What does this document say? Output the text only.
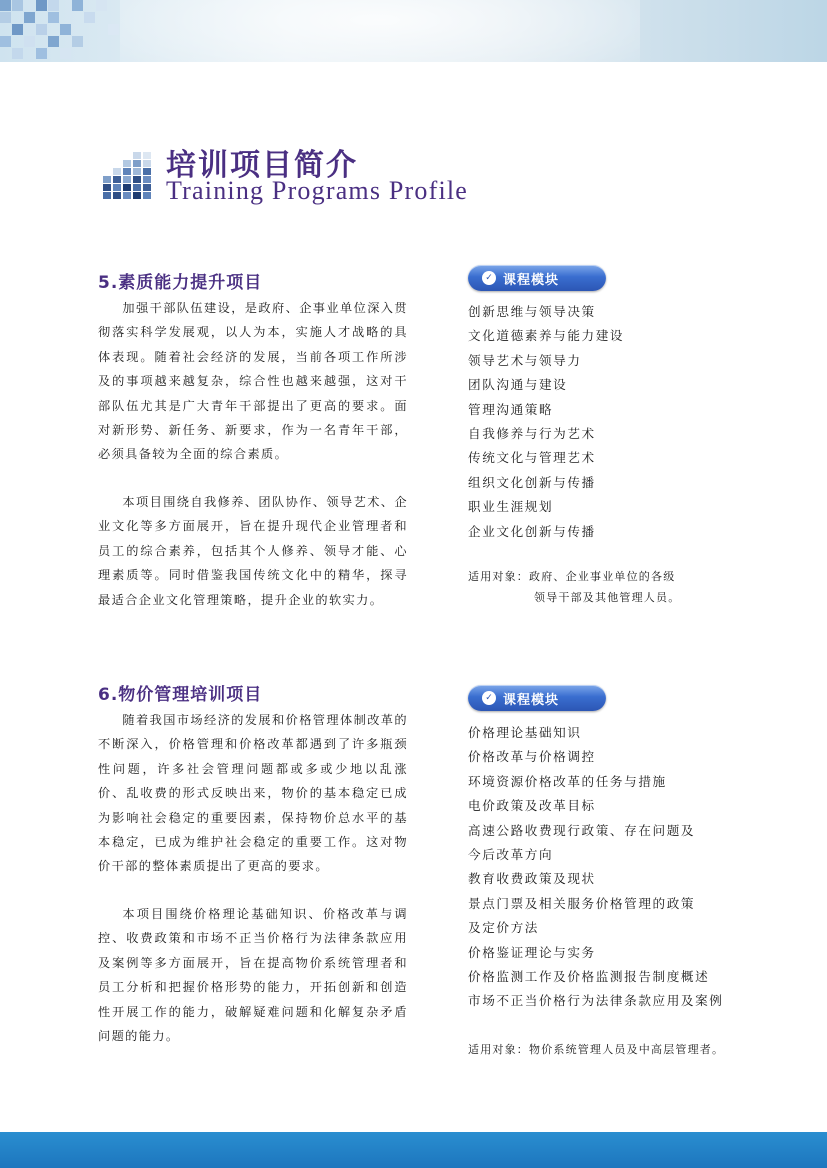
培训项目简介
Training Programs Profile
5.素质能力提升项目

加强干部队伍建设，是政府、企事业单位深入贯彻落实科学发展观，以人为本，实施人才战略的具体表现。随着社会经济的发展，当前各项工作所涉及的事项越来越复杂，综合性也越来越强，这对干部队伍尤其是广大青年干部提出了更高的要求。面对新形势、新任务、新要求，作为一名青年干部，必须具备较为全面的综合素质。

本项目围绕自我修养、团队协作、领导艺术、企业文化等多方面展开，旨在提升现代企业管理者和员工的综合素养，包括其个人修养、领导才能、心理素质等。同时借鉴我国传统文化中的精华，探寻最适合企业文化管理策略，提升企业的软实力。

✓ 课程模块
创新思维与领导决策
文化道德素养与能力建设
领导艺术与领导力
团队沟通与建设
管理沟通策略
自我修养与行为艺术
传统文化与管理艺术
组织文化创新与传播
职业生涯规划
企业文化创新与传播

适用对象：政府、企业事业单位的各级
领导干部及其他管理人员。

6.物价管理培训项目

随着我国市场经济的发展和价格管理体制改革的不断深入，价格管理和价格改革都遇到了许多瓶颈性问题，许多社会管理问题都或多或少地以乱涨价、乱收费的形式反映出来，物价的基本稳定已成为影响社会稳定的重要因素，保持物价总水平的基本稳定，已成为维护社会稳定的重要工作。这对物价干部的整体素质提出了更高的要求。

本项目围绕价格理论基础知识、价格改革与调控、收费政策和市场不正当价格行为法律条款应用及案例等多方面展开，旨在提高物价系统管理者和员工分析和把握价格形势的能力，开拓创新和创造性开展工作的能力，破解疑难问题和化解复杂矛盾问题的能力。

✓ 课程模块
价格理论基础知识
价格改革与价格调控
环境资源价格改革的任务与措施
电价政策及改革目标
高速公路收费现行政策、存在问题及
今后改革方向
教育收费政策及现状
景点门票及相关服务价格管理的政策
及定价方法
价格鉴证理论与实务
价格监测工作及价格监测报告制度概述
市场不正当价格行为法律条款应用及案例

适用对象：物价系统管理人员及中高层管理者。
